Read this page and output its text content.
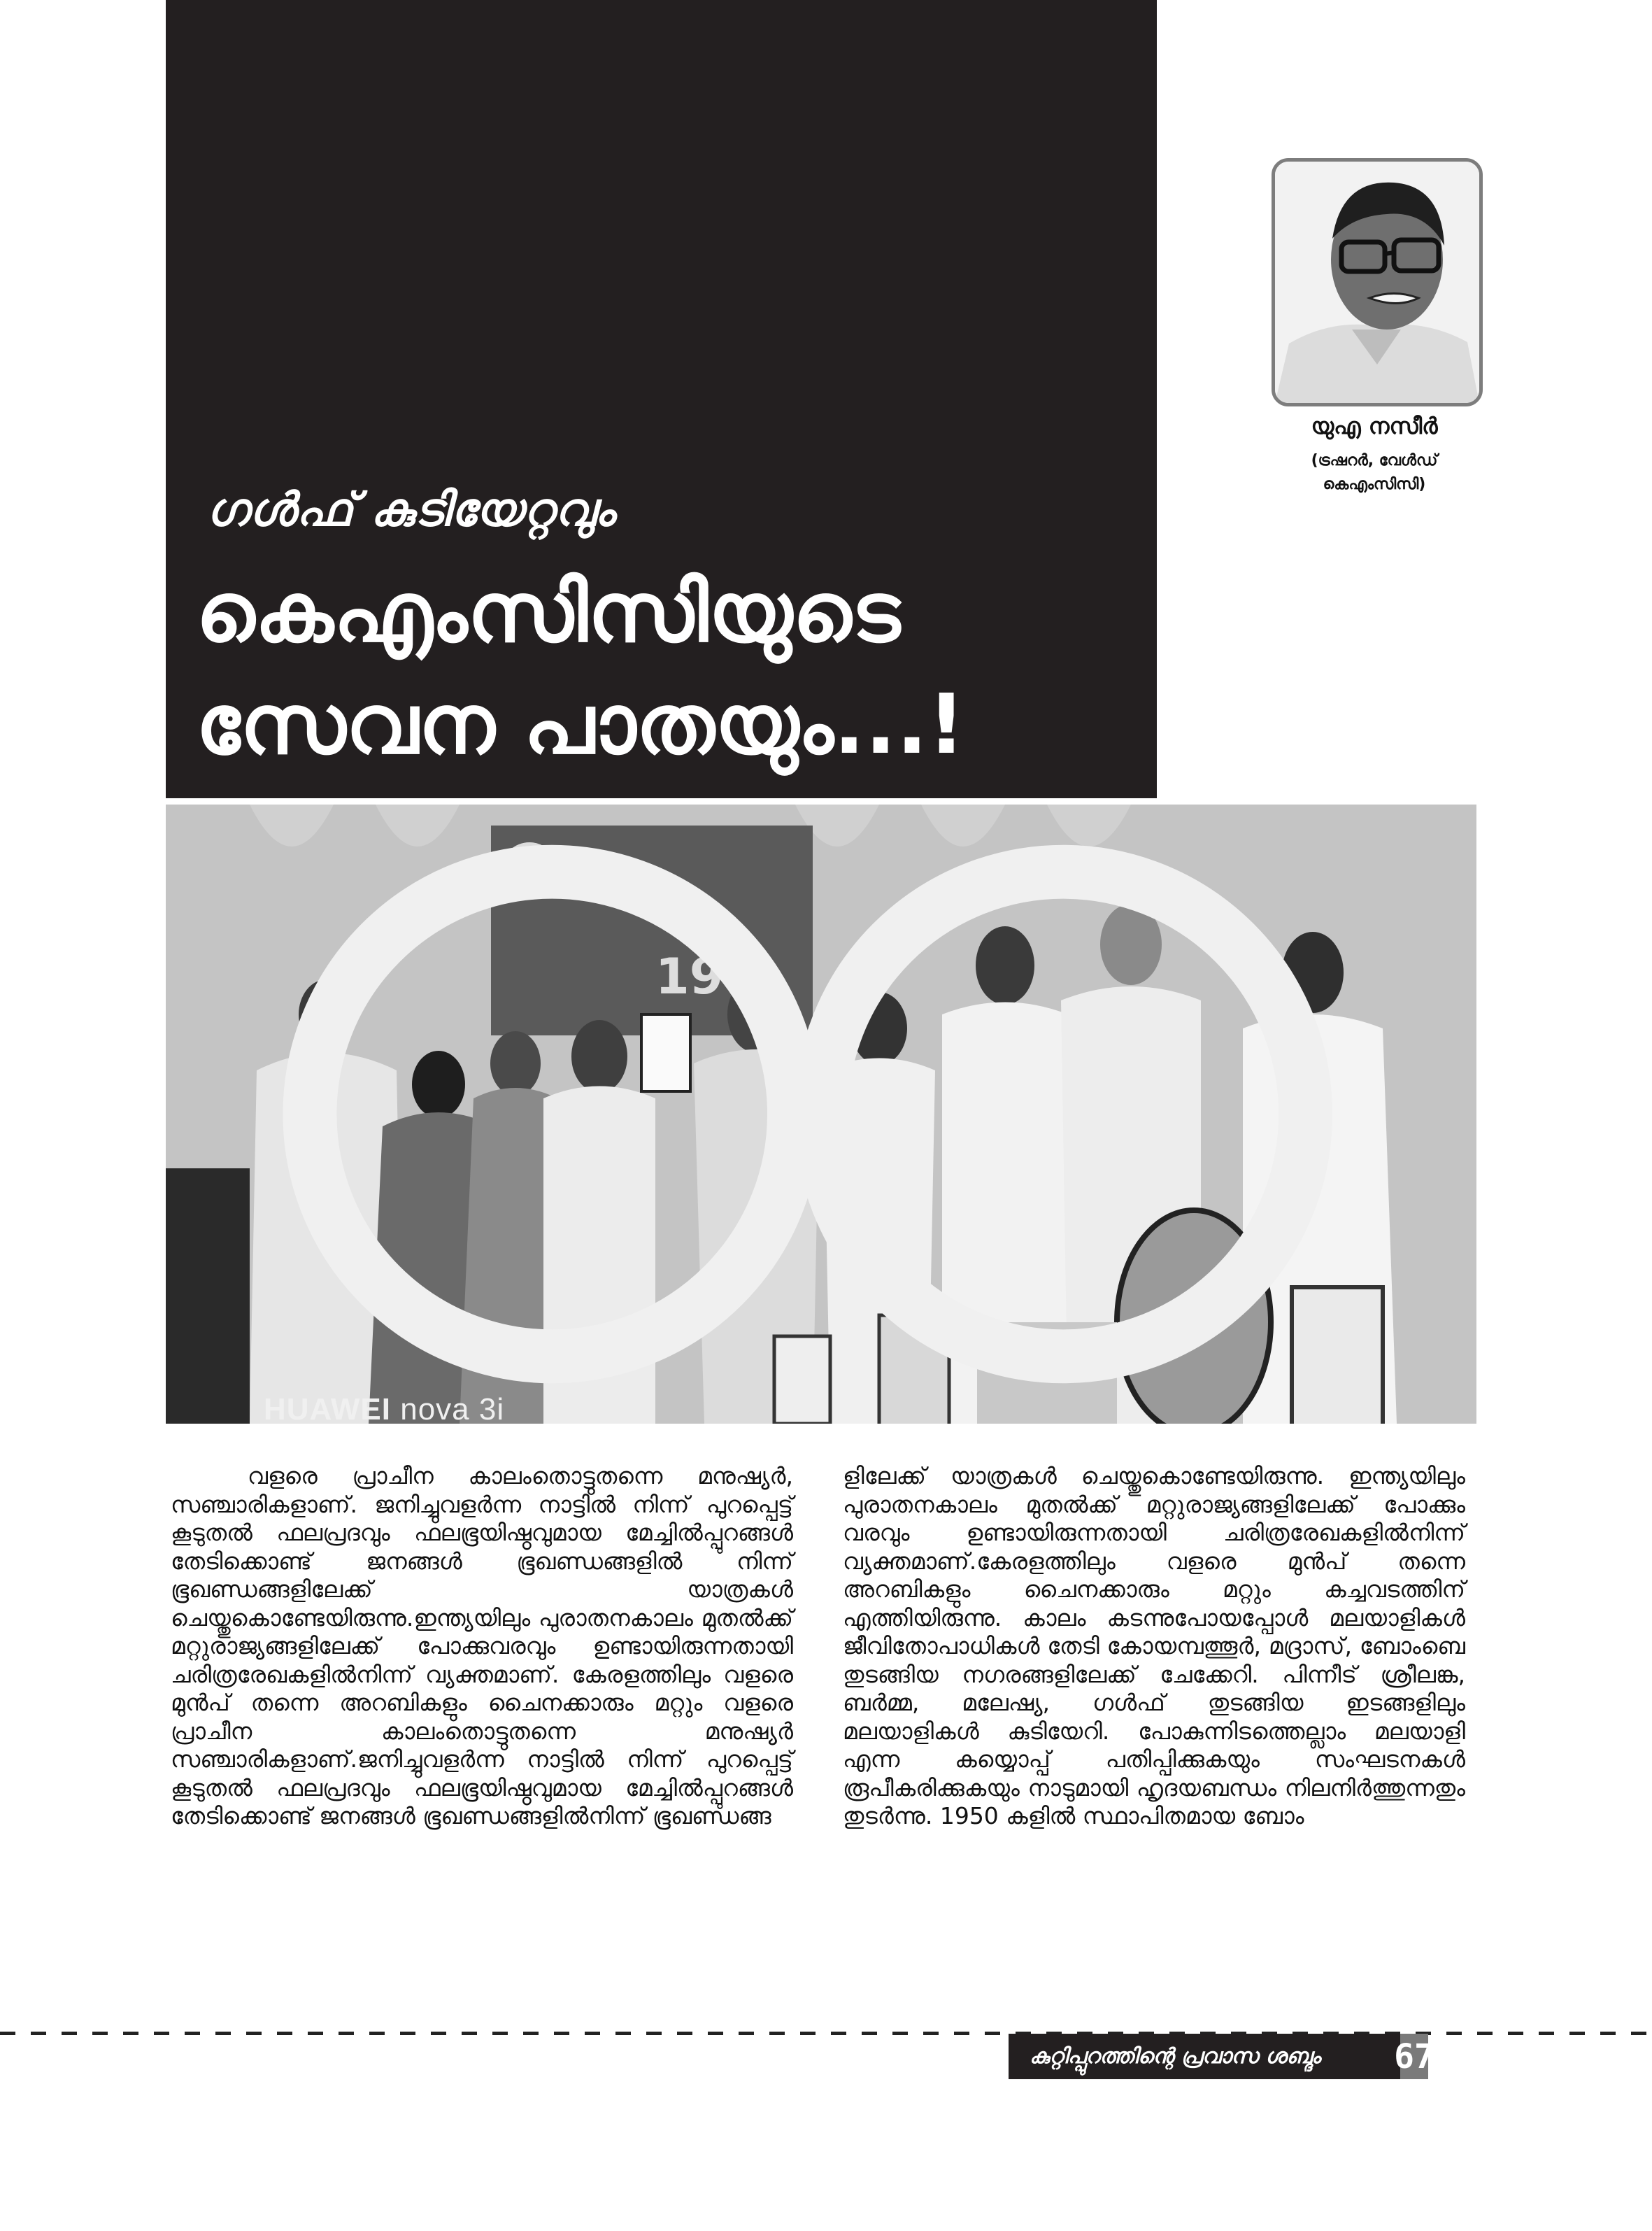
ഗൾഫ് കുടിയേറ്റവും
കെഎംസിസിയുടെ
സേവന പാതയും...!
യുഎ നസീർ
(ട്രഷറർ, വേൾഡ്
കെഎംസിസി)
19
HUAWEI nova 3i

വളരെ പ്രാചീന കാലംതൊട്ടുതന്നെ മനുഷ്യർ, സഞ്ചാരികളാണ്. ജനിച്ചുവളർന്ന നാട്ടിൽ നിന്ന് പുറപ്പെട്ട് കൂടുതൽ ഫലപ്രദവും ഫലഭൂയിഷ്ഠവുമായ മേച്ചിൽപ്പുറങ്ങൾ തേടിക്കൊണ്ട് ജനങ്ങൾ ഭൂഖണ്ഡങ്ങളിൽ നിന്ന് ഭൂഖണ്ഡങ്ങളിലേക്ക് യാത്രകൾ ചെയ്തുകൊണ്ടേയിരുന്നു.ഇന്ത്യയിലും പുരാതനകാലം മുതൽക്ക് മറ്റുരാജ്യങ്ങളിലേക്ക് പോക്കുവരവും ഉണ്ടായിരുന്നതായി ചരിത്രരേഖകളിൽനിന്ന് വ്യക്തമാണ്. കേരളത്തിലും വളരെ മുൻപ് തന്നെ അറബികളും ചൈനക്കാരും മറ്റും വളരെ പ്രാചീന കാലംതൊട്ടുതന്നെ മനുഷ്യർ സഞ്ചാരികളാണ്.ജനിച്ചുവളർന്ന നാട്ടിൽ നിന്ന് പുറപ്പെട്ട് കൂടുതൽ ഫലപ്രദവും ഫലഭൂയിഷ്ഠവുമായ മേച്ചിൽപ്പുറങ്ങൾ തേടിക്കൊണ്ട് ജനങ്ങൾ ഭൂഖണ്ഡങ്ങളിൽനിന്ന് ഭൂഖണ്ഡങ്ങ

ളിലേക്ക് യാത്രകൾ ചെയ്തുകൊണ്ടേയിരുന്നു. ഇന്ത്യയിലും പുരാതനകാലം മുതൽക്ക് മറ്റുരാജ്യങ്ങളിലേക്ക് പോക്കും വരവും ഉണ്ടായിരുന്നതായി ചരിത്രരേഖകളിൽനിന്ന് വ്യക്തമാണ്.കേരളത്തിലും വളരെ മുൻപ് തന്നെ അറബികളും ചൈനക്കാരും മറ്റും കച്ചവടത്തിന് എത്തിയിരുന്നു. കാലം കടന്നുപോയപ്പോൾ മലയാളികൾ ജീവിതോപാധികൾ തേടി കോയമ്പത്തൂർ, മദ്രാസ്, ബോംബെ തുടങ്ങിയ നഗരങ്ങളിലേക്ക് ചേക്കേറി. പിന്നീട് ശ്രീലങ്ക, ബർമ്മ, മലേഷ്യ, ഗൾഫ് തുടങ്ങിയ ഇടങ്ങളിലും മലയാളികൾ കുടിയേറി. പോകുന്നിടത്തെല്ലാം മലയാളി എന്ന കയ്യൊപ്പ് പതിപ്പിക്കുകയും സംഘടനകൾ രൂപീകരിക്കുകയും നാടുമായി ഹൃദയബന്ധം നിലനിർത്തുന്നതും തുടർന്നു. 1950 കളിൽ സ്ഥാപിതമായ ബോം

കുറ്റിപ്പുറത്തിന്റെ പ്രവാസ ശബ്ദം	67
